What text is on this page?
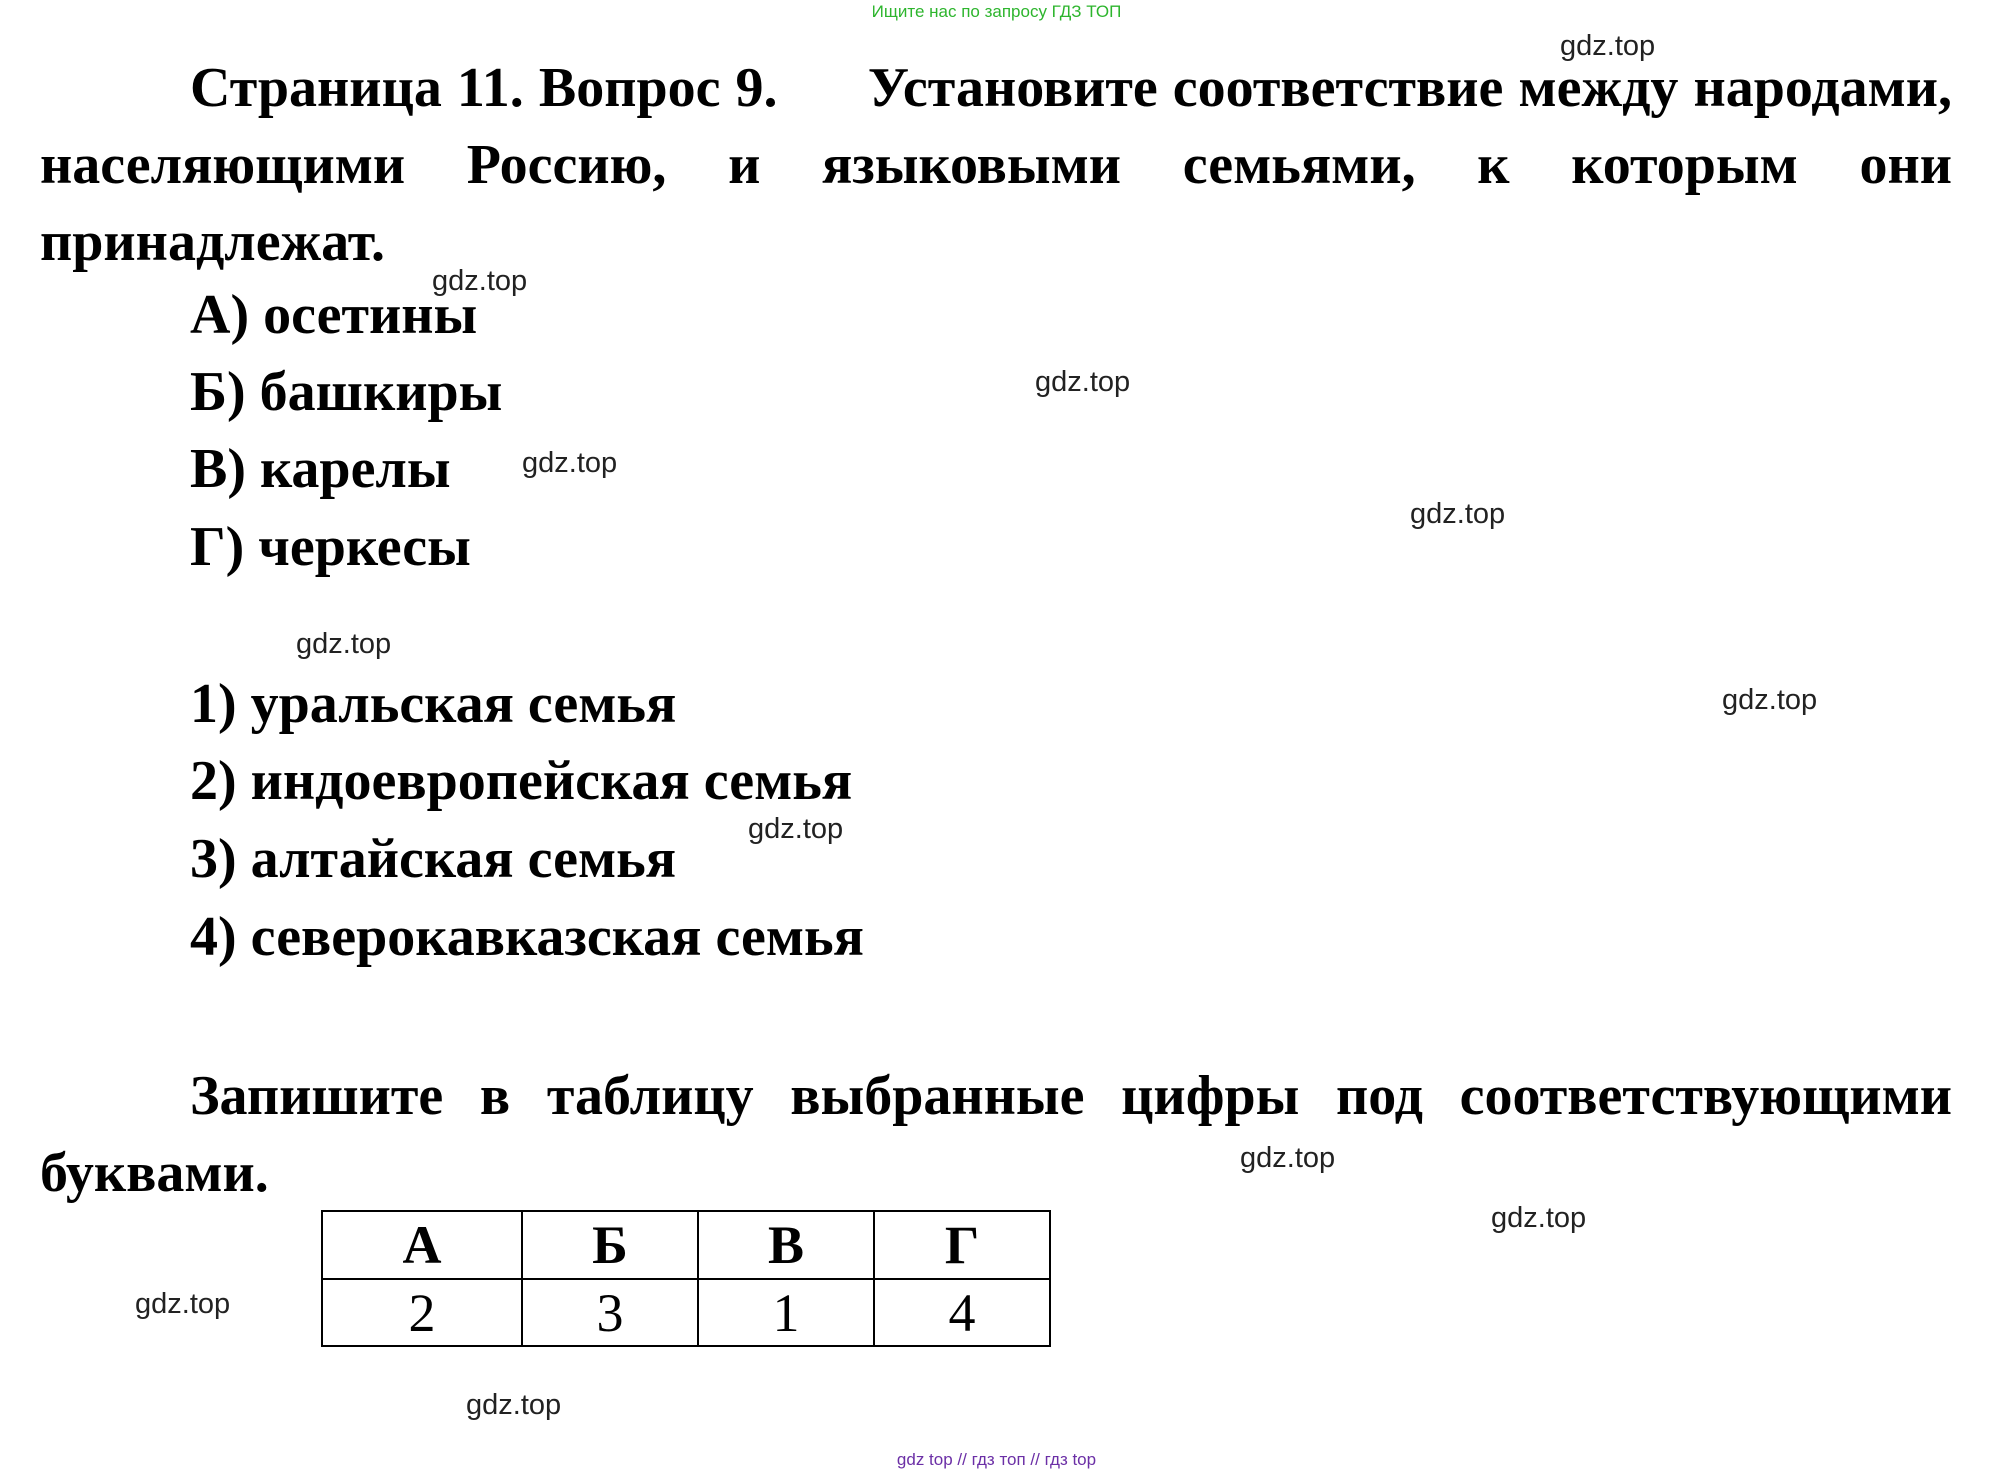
Ищите нас по запросу ГДЗ ТОП

Страница 11. Вопрос 9.      Установите соответствие между народами, населяющими Россию, и языковыми семьями, к которым они принадлежат.

А) осетины
Б) башкиры
В) карелы
Г) черкесы
1) уральская семья
2) индоевропейская семья
3) алтайская семья
4) северокавказская семья

Запишите в таблицу выбранные цифры под соответствующими буквами.

А	Б	В	Г
2	3	1	4
gdz.top
gdz.top
gdz.top
gdz.top
gdz.top
gdz.top
gdz.top
gdz.top
gdz.top
gdz.top
gdz.top
gdz.top
gdz top // гдз топ // гдз top
